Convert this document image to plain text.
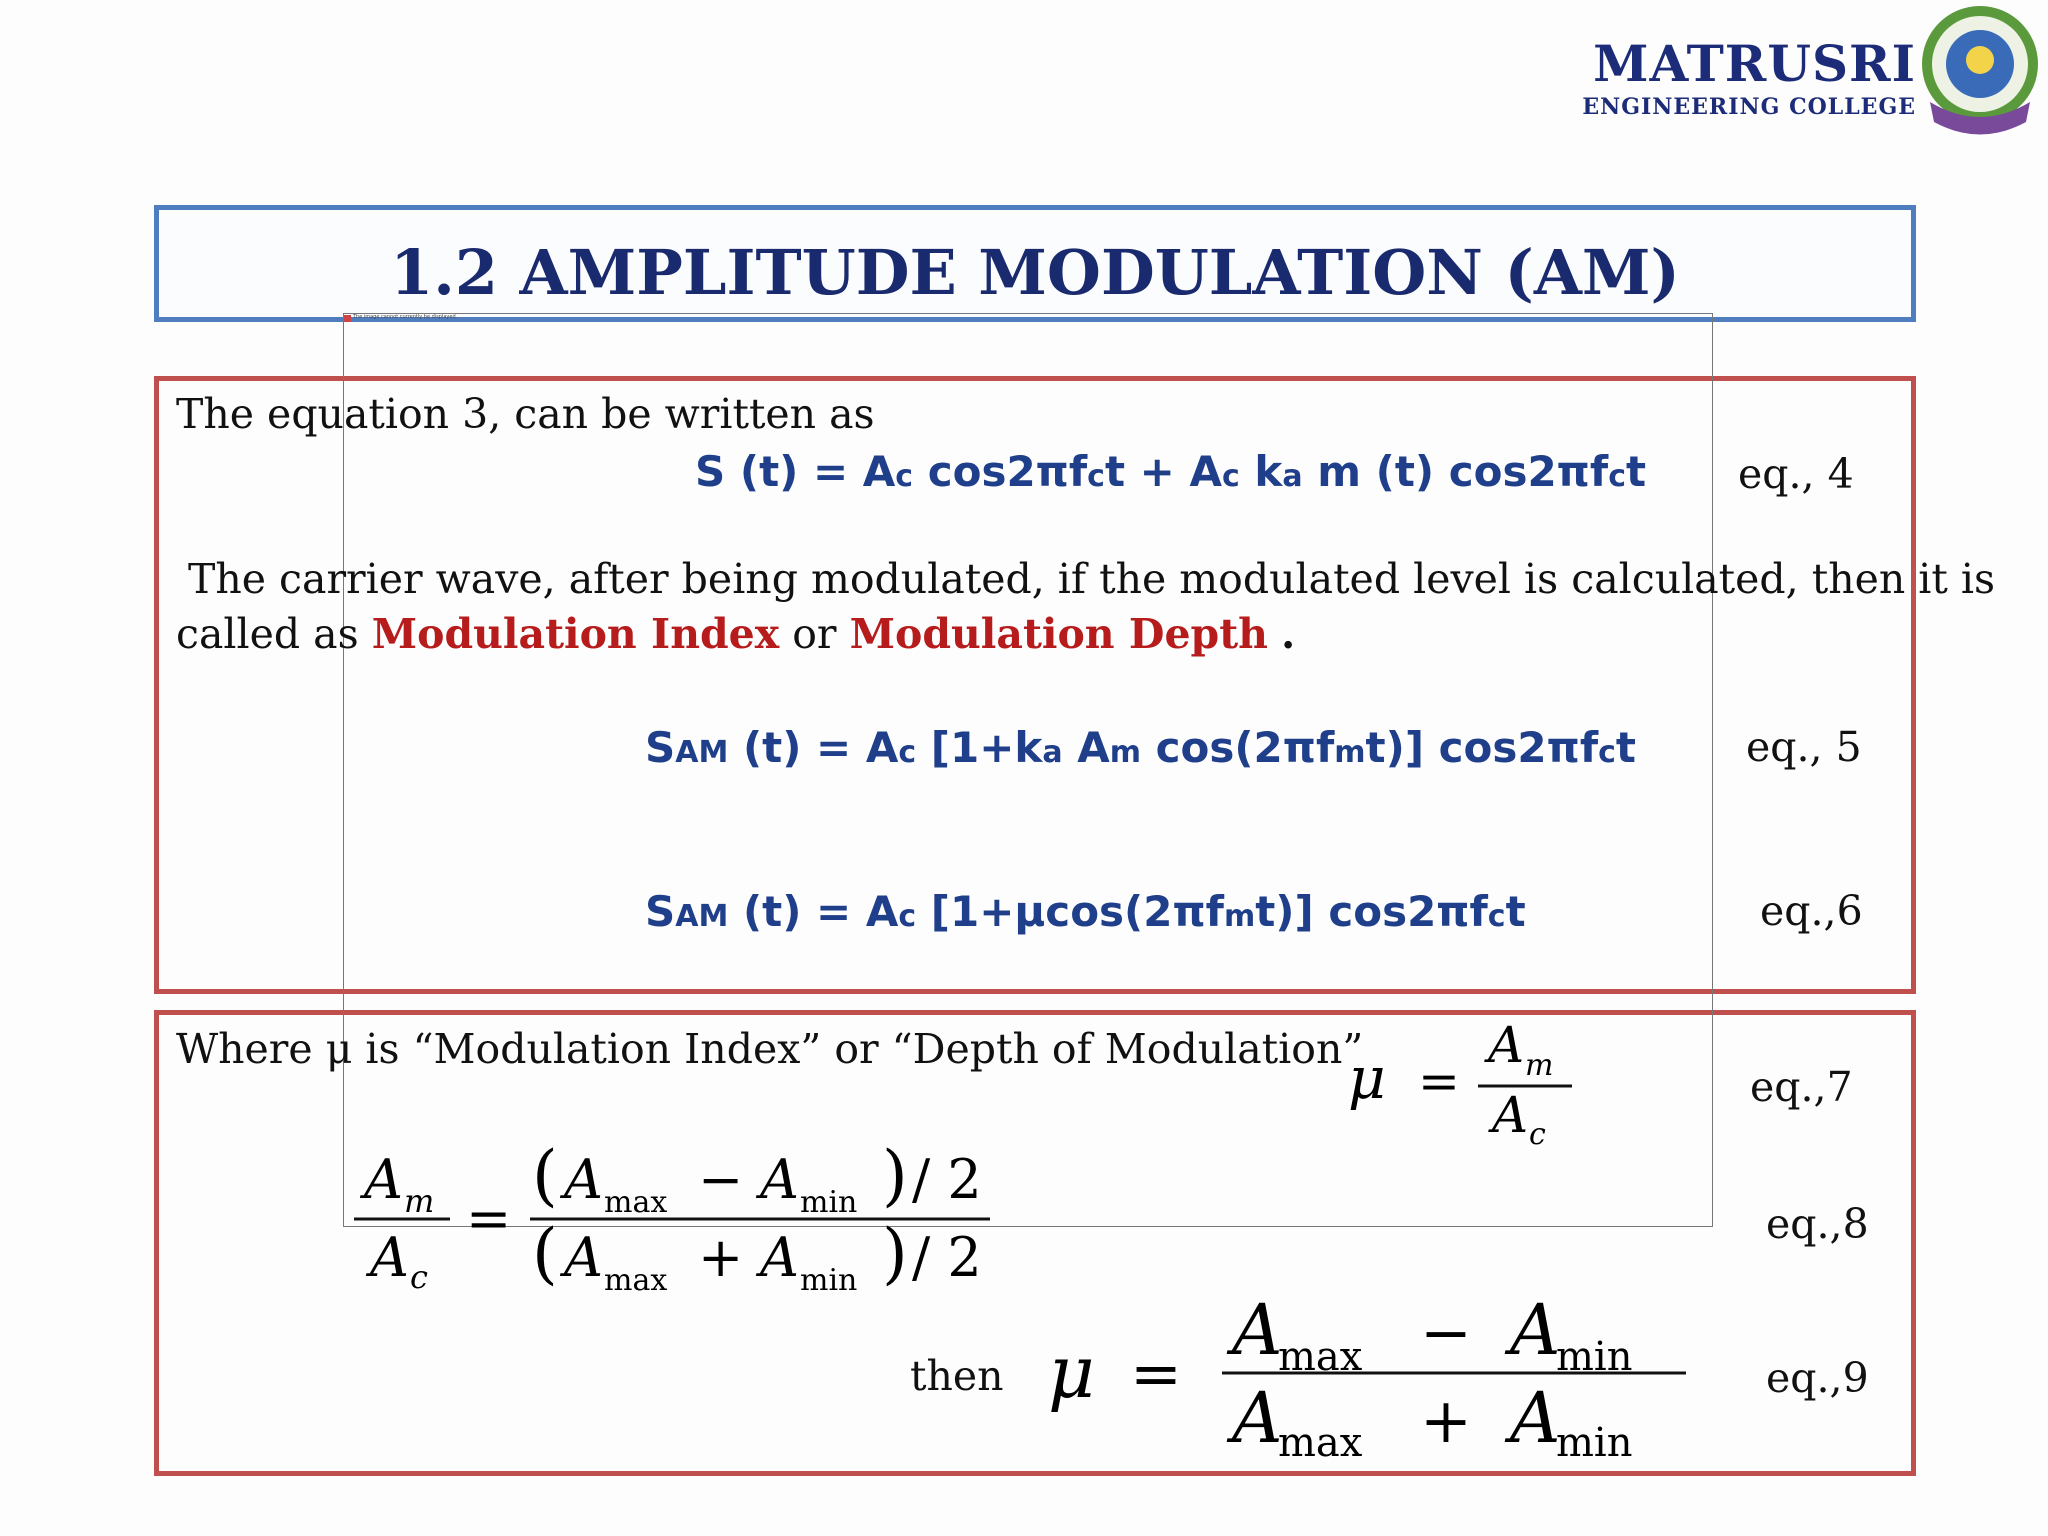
MATRUSRI
ENGINEERING COLLEGE
1.2 AMPLITUDE MODULATION (AM)
The image cannot currently be displayed.
The equation 3, can be written as
S (t) = Ac cos2πfct + Ac ka m (t) cos2πfct eq., 4
The carrier wave, after being modulated, if the modulated level is calculated, then it is
called as Modulation Index or Modulation Depth .
SAM (t) = Ac [1+ka Am cos(2πfmt)] cos2πfct	eq., 5
SAM (t) = Ac [1+μcos(2πfmt)] cos2πfct	eq.,6
Where μ is “Modulation Index” or “Depth of Modulation”
μ =
A m
A c
eq.,7
A m
A c
=
( A max − A min ) / 2
( A max + A min ) / 2
eq.,8
then μ =
A
max − A
min
A
max + A
min
eq.,9
